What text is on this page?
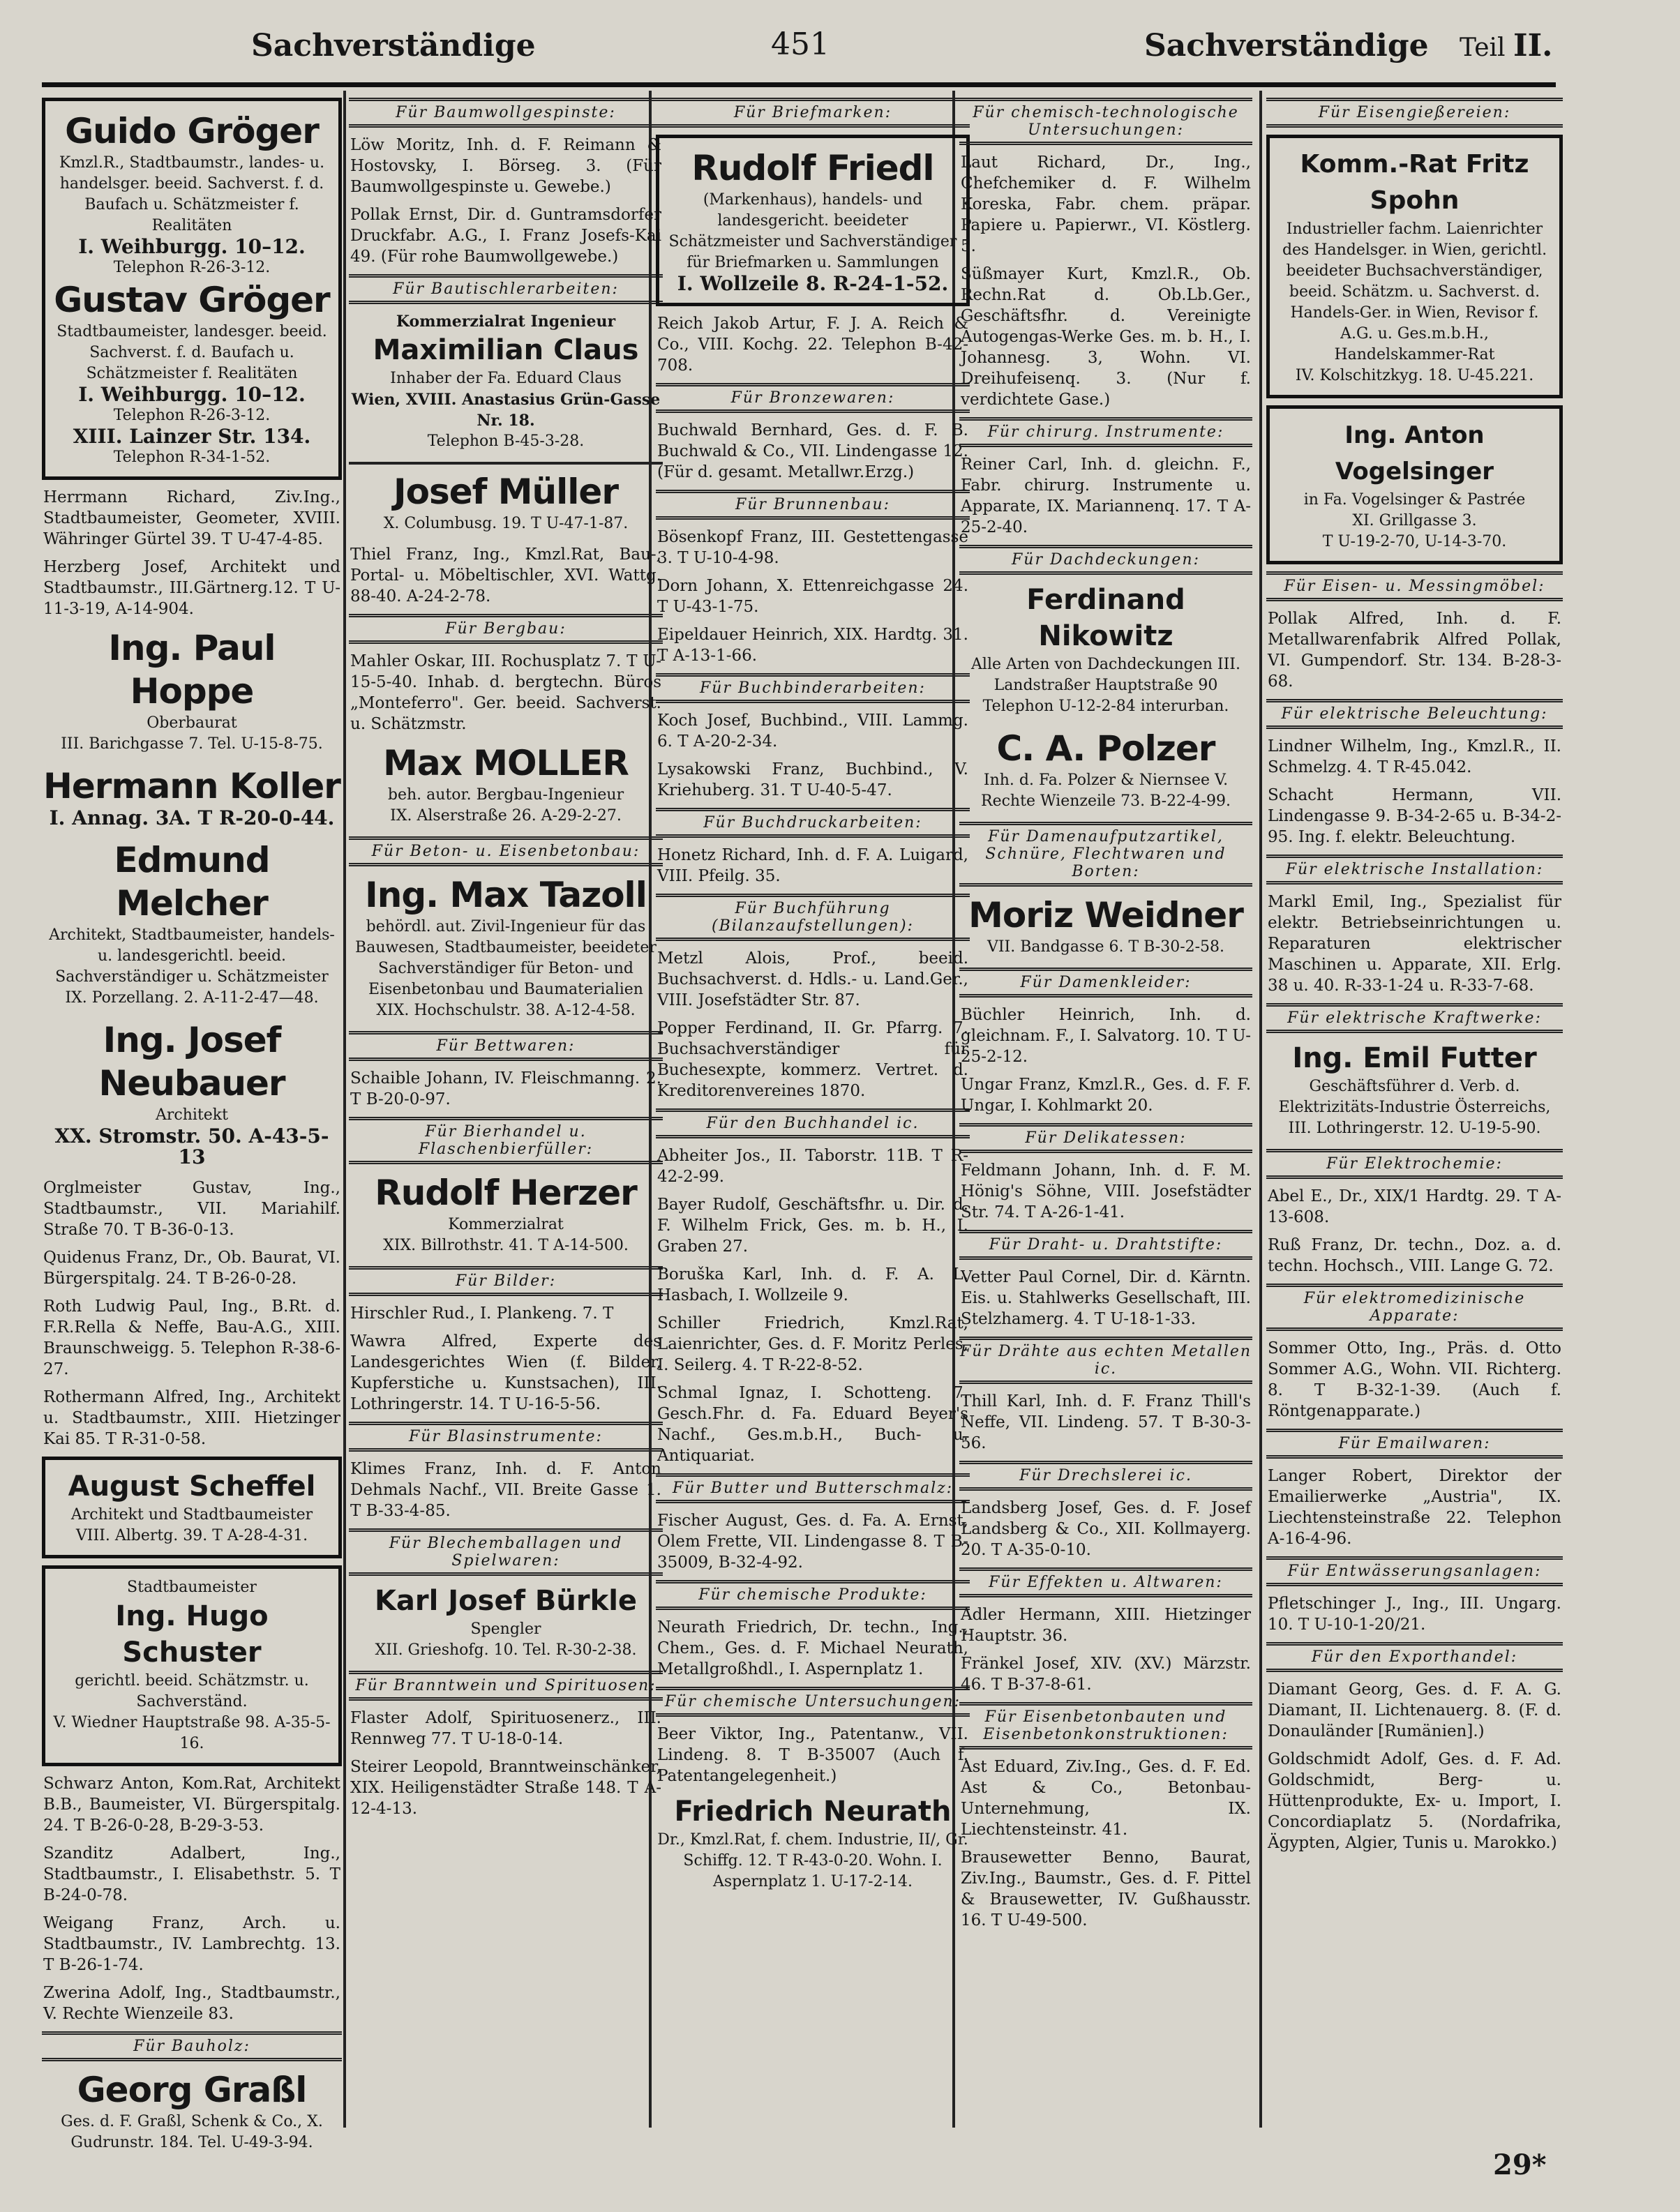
Sachverständige	451	Sachverständige Teil II.
Guido Gröger
Kmzl.R., Stadtbaumstr., landes- u. handelsger. beeid. Sachverst. f. d. Baufach u. Schätzmeister f. Realitäten
I. Weihburgg. 10–12.
Telephon R-26-3-12.
Gustav Gröger
Stadtbaumeister, landesger. beeid. Sachverst. f. d. Baufach u. Schätzmeister f. Realitäten
I. Weihburgg. 10–12.
Telephon R-26-3-12.
XIII. Lainzer Str. 134.
Telephon R-34-1-52.
Herrmann Richard, Ziv.Ing., Stadtbaumeister, Geometer, XVIII. Währinger Gürtel 39. T U-47-4-85.
Herzberg Josef, Architekt und Stadtbaumstr., III.Gärtnerg.12. T U-11-3-19, A-14-904.
Ing. Paul Hoppe
Oberbaurat
III. Barichgasse 7. Tel. U-15-8-75.
Hermann Koller
I. Annag. 3A. T R-20-0-44.
Edmund Melcher
Architekt, Stadtbaumeister, handels- u. landesgerichtl. beeid. Sachverständiger u. Schätzmeister
IX. Porzellang. 2. A-11-2-47—48.
Ing. Josef Neubauer
Architekt
XX. Stromstr. 50. A-43-5-13
Orglmeister Gustav, Ing., Stadtbaumstr., VII. Mariahilf. Straße 70. T B-36-0-13.
Quidenus Franz, Dr., Ob. Baurat, VI. Bürgerspitalg. 24. T B-26-0-28.
Roth Ludwig Paul, Ing., B.Rt. d. F.R.Rella & Neffe, Bau-A.G., XIII. Braunschweigg. 5. Telephon R-38-6-27.
Rothermann Alfred, Ing., Architekt u. Stadtbaumstr., XIII. Hietzinger Kai 85. T R-31-0-58.
August Scheffel
Architekt und Stadtbaumeister
VIII. Albertg. 39. T A-28-4-31.
Stadtbaumeister
Ing. Hugo Schuster
gerichtl. beeid. Schätzmstr. u. Sachverständ.
V. Wiedner Hauptstraße 98. A-35-5-16.
Schwarz Anton, Kom.Rat, Architekt B.B., Baumeister, VI. Bürgerspitalg. 24. T B-26-0-28, B-29-3-53.
Szanditz Adalbert, Ing., Stadtbaumstr., I. Elisabethstr. 5. T B-24-0-78.
Weigang Franz, Arch. u. Stadtbaumstr., IV. Lambrechtg. 13. T B-26-1-74.
Zwerina Adolf, Ing., Stadtbaumstr., V. Rechte Wienzeile 83.
Für Bauholz:
Georg Graßl
Ges. d. F. Graßl, Schenk & Co., X. Gudrunstr. 184. Tel. U-49-3-94.
Für Baumwollgespinste:
Löw Moritz, Inh. d. F. Reimann & Hostovsky, I. Börseg. 3. (Für Baumwollgespinste u. Gewebe.)
Pollak Ernst, Dir. d. Guntramsdorfer Druckfabr. A.G., I. Franz Josefs-Kai 49. (Für rohe Baumwollgewebe.)
Für Bautischlerarbeiten:
Kommerzialrat Ingenieur
Maximilian Claus
Inhaber der Fa. Eduard Claus
Wien, XVIII. Anastasius Grün-Gasse Nr. 18.
Telephon B-45-3-28.
Josef Müller
X. Columbusg. 19. T U-47-1-87.
Thiel Franz, Ing., Kmzl.Rat, Bau-, Portal- u. Möbeltischler, XVI. Wattg. 88-40. A-24-2-78.
Für Bergbau:
Mahler Oskar, III. Rochusplatz 7. T U-15-5-40. Inhab. d. bergtechn. Büros „Monteferro". Ger. beeid. Sachverst. u. Schätzmstr.
Max MOLLER
beh. autor. Bergbau-Ingenieur
IX. Alserstraße 26. A-29-2-27.
Für Beton- u. Eisenbetonbau:
Ing. Max Tazoll
behördl. aut. Zivil-Ingenieur für das Bauwesen, Stadtbaumeister, beeideter Sachverständiger für Beton- und Eisenbetonbau und Baumaterialien
XIX. Hochschulstr. 38. A-12-4-58.
Für Bettwaren:
Schaible Johann, IV. Fleischmanng. 2. T B-20-0-97.
Für Bierhandel u. Flaschenbierfüller:
Rudolf Herzer
Kommerzialrat
XIX. Billrothstr. 41. T A-14-500.
Für Bilder:
Hirschler Rud., I. Plankeng. 7. T
Wawra Alfred, Experte des Landesgerichtes Wien (f. Bilder, Kupferstiche u. Kunstsachen), III. Lothringerstr. 14. T U-16-5-56.
Für Blasinstrumente:
Klimes Franz, Inh. d. F. Anton Dehmals Nachf., VII. Breite Gasse 1. T B-33-4-85.
Für Blechemballagen und Spielwaren:
Karl Josef Bürkle
Spengler
XII. Grieshofg. 10. Tel. R-30-2-38.
Für Branntwein und Spirituosen:
Flaster Adolf, Spirituosenerz., III. Rennweg 77. T U-18-0-14.
Steirer Leopold, Branntweinschänker, XIX. Heiligenstädter Straße 148. T A-12-4-13.
Für Briefmarken:
Rudolf Friedl
(Markenhaus), handels- und landesgericht. beeideter Schätzmeister und Sachverständiger für Briefmarken u. Sammlungen
I. Wollzeile 8. R-24-1-52.
Reich Jakob Artur, F. J. A. Reich & Co., VIII. Kochg. 22. Telephon B-42-708.
Für Bronzewaren:
Buchwald Bernhard, Ges. d. F. B. Buchwald & Co., VII. Lindengasse 12. (Für d. gesamt. Metallwr.Erzg.)
Für Brunnenbau:
Bösenkopf Franz, III. Gestettengasse 3. T U-10-4-98.
Dorn Johann, X. Ettenreichgasse 24. T U-43-1-75.
Eipeldauer Heinrich, XIX. Hardtg. 31. T A-13-1-66.
Für Buchbinderarbeiten:
Koch Josef, Buchbind., VIII. Lammg. 6. T A-20-2-34.
Lysakowski Franz, Buchbind., V. Kriehuberg. 31. T U-40-5-47.
Für Buchdruckarbeiten:
Honetz Richard, Inh. d. F. A. Luigard, VIII. Pfeilg. 35.
Für Buchführung (Bilanzaufstellungen):
Metzl Alois, Prof., beeid. Buchsachverst. d. Hdls.- u. Land.Ger., VIII. Josefstädter Str. 87.
Popper Ferdinand, II. Gr. Pfarrg. 7. Buchsachverständiger für Buchesexpte, kommerz. Vertret. d. Kreditorenvereines 1870.
Für den Buchhandel ic.
Abheiter Jos., II. Taborstr. 11B. T R-42-2-99.
Bayer Rudolf, Geschäftsfhr. u. Dir. d. F. Wilhelm Frick, Ges. m. b. H., I. Graben 27.
Boruška Karl, Inh. d. F. A. L. Hasbach, I. Wollzeile 9.
Schiller Friedrich, Kmzl.Rat, Laienrichter, Ges. d. F. Moritz Perles, I. Seilerg. 4. T R-22-8-52.
Schmal Ignaz, I. Schotteng. 7. Gesch.Fhr. d. Fa. Eduard Beyer's Nachf., Ges.m.b.H., Buch- u. Antiquariat.
Für Butter und Butterschmalz:
Fischer August, Ges. d. Fa. A. Ernst, Olem Frette, VII. Lindengasse 8. T B-35009, B-32-4-92.
Für chemische Produkte:
Neurath Friedrich, Dr. techn., Ing., Chem., Ges. d. F. Michael Neurath, Metallgroßhdl., I. Aspernplatz 1.
Für chemische Untersuchungen:
Beer Viktor, Ing., Patentanw., VII. Lindeng. 8. T B-35007 (Auch f. Patentangelegenheit.)
Friedrich Neurath
Dr., Kmzl.Rat, f. chem. Industrie, II/, Gr. Schiffg. 12. T R-43-0-20. Wohn. I. Aspernplatz 1. U-17-2-14.
Für chemisch-technologische Untersuchungen:
Laut Richard, Dr., Ing., Chefchemiker d. F. Wilhelm Koreska, Fabr. chem. präpar. Papiere u. Papierwr., VI. Köstlerg. 5.
Süßmayer Kurt, Kmzl.R., Ob. Rechn.Rat d. Ob.Lb.Ger., Geschäftsfhr. d. Vereinigte Autogengas-Werke Ges. m. b. H., I. Johannesg. 3, Wohn. VI. Dreihufeisenq. 3. (Nur f. verdichtete Gase.)
Für chirurg. Instrumente:
Reiner Carl, Inh. d. gleichn. F., Fabr. chirurg. Instrumente u. Apparate, IX. Mariannenq. 17. T A-25-2-40.
Für Dachdeckungen:
Ferdinand Nikowitz
Alle Arten von Dachdeckungen III. Landstraßer Hauptstraße 90
Telephon U-12-2-84 interurban.
C. A. Polzer
Inh. d. Fa. Polzer & Niernsee V. Rechte Wienzeile 73. B-22-4-99.
Für Damenaufputzartikel, Schnüre, Flechtwaren und Borten:
Moriz Weidner
VII. Bandgasse 6. T B-30-2-58.
Für Damenkleider:
Büchler Heinrich, Inh. d. gleichnam. F., I. Salvatorg. 10. T U-25-2-12.
Ungar Franz, Kmzl.R., Ges. d. F. F. Ungar, I. Kohlmarkt 20.
Für Delikatessen:
Feldmann Johann, Inh. d. F. M. Hönig's Söhne, VIII. Josefstädter Str. 74. T A-26-1-41.
Für Draht- u. Drahtstifte:
Vetter Paul Cornel, Dir. d. Kärntn. Eis. u. Stahlwerks Gesellschaft, III. Stelzhamerg. 4. T U-18-1-33.
Für Drähte aus echten Metallen ic.
Thill Karl, Inh. d. F. Franz Thill's Neffe, VII. Lindeng. 57. T B-30-3-56.
Für Drechslerei ic.
Landsberg Josef, Ges. d. F. Josef Landsberg & Co., XII. Kollmayerg. 20. T A-35-0-10.
Für Effekten u. Altwaren:
Adler Hermann, XIII. Hietzinger Hauptstr. 36.
Fränkel Josef, XIV. (XV.) Märzstr. 46. T B-37-8-61.
Für Eisenbetonbauten und Eisenbetonkonstruktionen:
Ast Eduard, Ziv.Ing., Ges. d. F. Ed. Ast & Co., Betonbau-Unternehmung, IX. Liechtensteinstr. 41.
Brausewetter Benno, Baurat, Ziv.Ing., Baumstr., Ges. d. F. Pittel & Brausewetter, IV. Gußhausstr. 16. T U-49-500.
Für Eisengießereien:
Komm.-Rat Fritz Spohn
Industrieller fachm. Laienrichter des Handelsger. in Wien, gerichtl. beeideter Buchsachverständiger, beeid. Schätzm. u. Sachverst. d. Handels-Ger. in Wien, Revisor f. A.G. u. Ges.m.b.H., Handelskammer-Rat
IV. Kolschitzkyg. 18. U-45.221.
Ing. Anton Vogelsinger
in Fa. Vogelsinger & Pastrée
XI. Grillgasse 3.
T U-19-2-70, U-14-3-70.
Für Eisen- u. Messingmöbel:
Pollak Alfred, Inh. d. F. Metallwarenfabrik Alfred Pollak, VI. Gumpendorf. Str. 134. B-28-3-68.
Für elektrische Beleuchtung:
Lindner Wilhelm, Ing., Kmzl.R., II. Schmelzg. 4. T R-45.042.
Schacht Hermann, VII. Lindengasse 9. B-34-2-65 u. B-34-2-95. Ing. f. elektr. Beleuchtung.
Für elektrische Installation:
Markl Emil, Ing., Spezialist für elektr. Betriebseinrichtungen u. Reparaturen elektrischer Maschinen u. Apparate, XII. Erlg. 38 u. 40. R-33-1-24 u. R-33-7-68.
Für elektrische Kraftwerke:
Ing. Emil Futter
Geschäftsführer d. Verb. d. Elektrizitäts-Industrie Österreichs,
III. Lothringerstr. 12. U-19-5-90.
Für Elektrochemie:
Abel E., Dr., XIX/1 Hardtg. 29. T A-13-608.
Ruß Franz, Dr. techn., Doz. a. d. techn. Hochsch., VIII. Lange G. 72.
Für elektromedizinische Apparate:
Sommer Otto, Ing., Präs. d. Otto Sommer A.G., Wohn. VII. Richterg. 8. T B-32-1-39. (Auch f. Röntgenapparate.)
Für Emailwaren:
Langer Robert, Direktor der Emailierwerke „Austria", IX. Liechtensteinstraße 22. Telephon A-16-4-96.
Für Entwässerungsanlagen:
Pfletschinger J., Ing., III. Ungarg. 10. T U-10-1-20/21.
Für den Exporthandel:
Diamant Georg, Ges. d. F. A. G. Diamant, II. Lichtenauerg. 8. (F. d. Donauländer [Rumänien].)
Goldschmidt Adolf, Ges. d. F. Ad. Goldschmidt, Berg- u. Hüttenprodukte, Ex- u. Import, I. Concordiaplatz 5. (Nordafrika, Ägypten, Algier, Tunis u. Marokko.)
29*
